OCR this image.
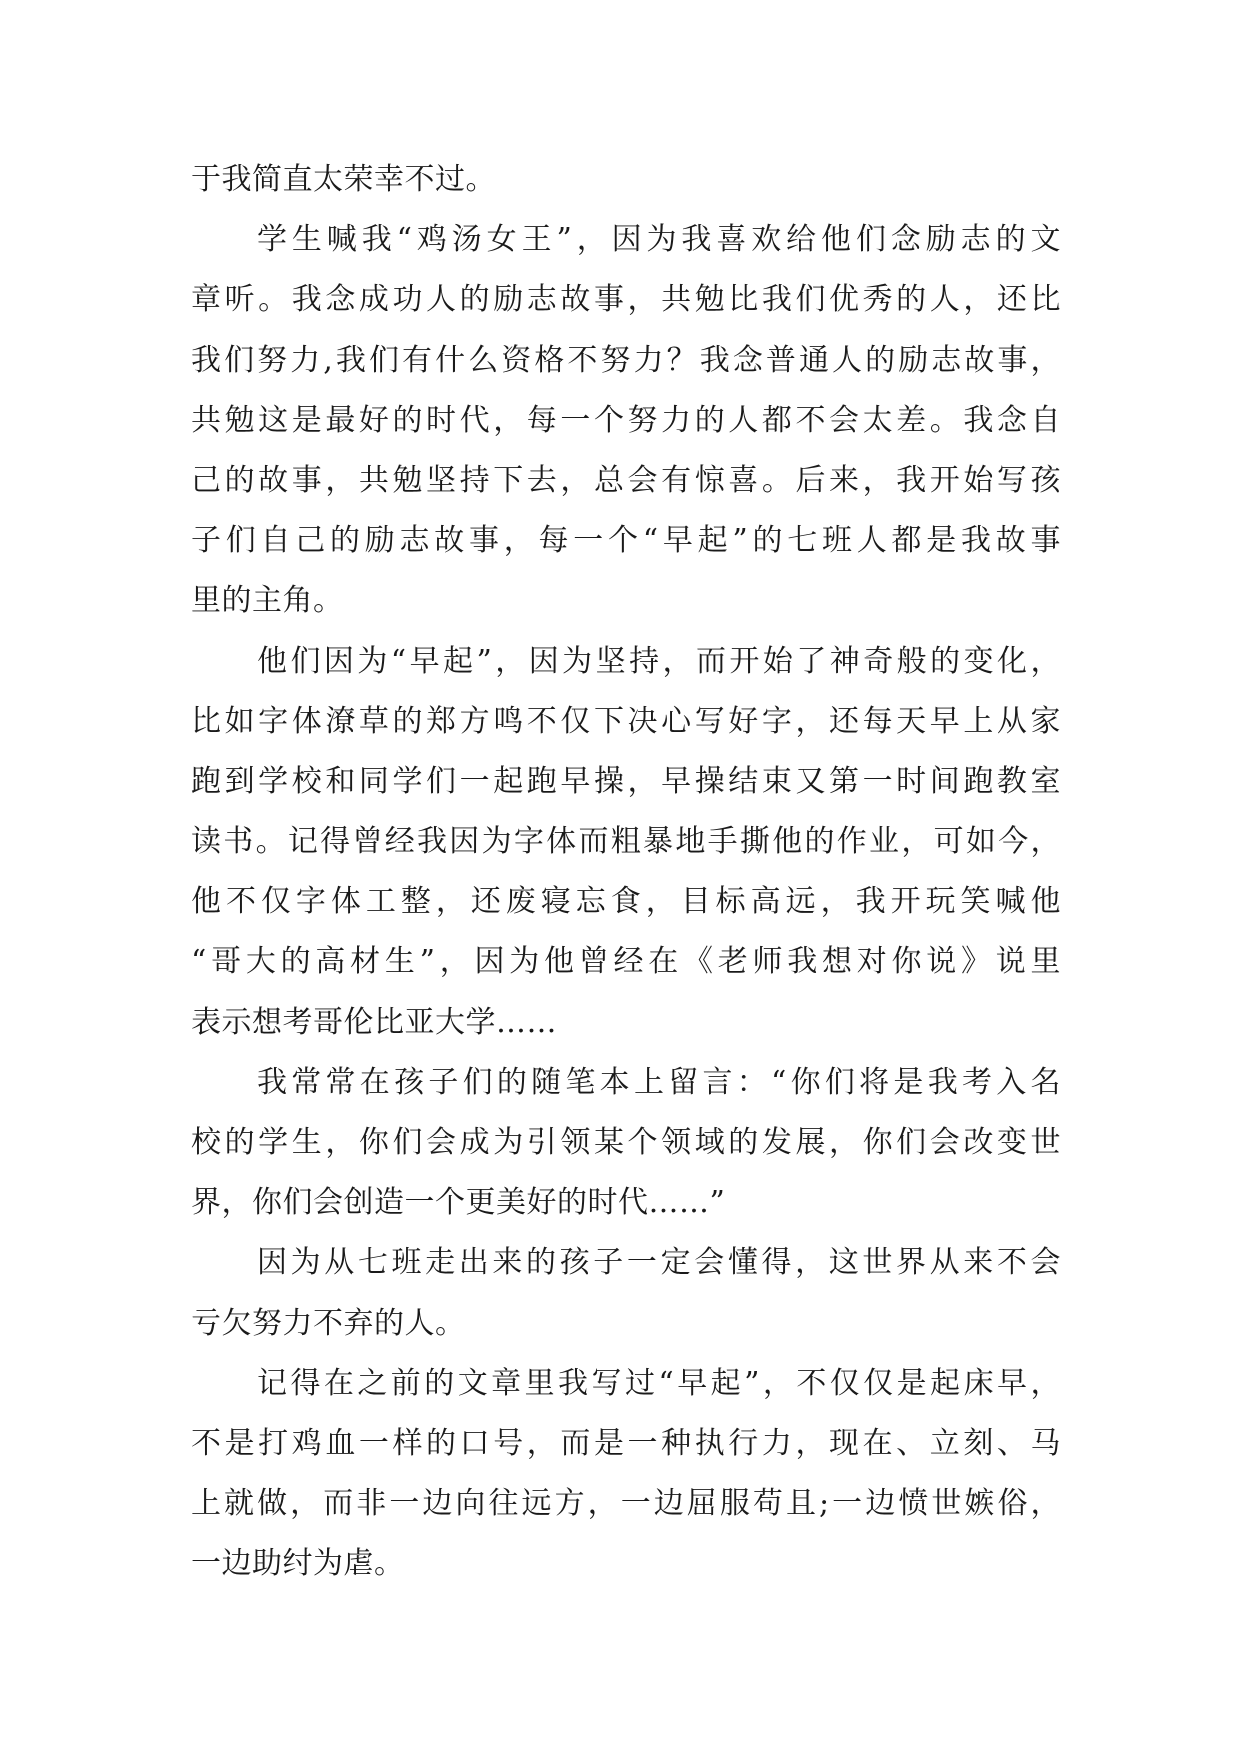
于我简直太荣幸不过。
学生喊我“鸡汤女王”，因为我喜欢给他们念励志的文
章听。我念成功人的励志故事，共勉比我们优秀的人，还比
我们努力,我们有什么资格不努力？我念普通人的励志故事，
共勉这是最好的时代，每一个努力的人都不会太差。我念自
己的故事，共勉坚持下去，总会有惊喜。后来，我开始写孩
子们自己的励志故事，每一个“早起”的七班人都是我故事
里的主角。
他们因为“早起”，因为坚持，而开始了神奇般的变化，
比如字体潦草的郑方鸣不仅下决心写好字，还每天早上从家
跑到学校和同学们一起跑早操，早操结束又第一时间跑教室
读书。记得曾经我因为字体而粗暴地手撕他的作业，可如今，
他不仅字体工整，还废寝忘食，目标高远，我开玩笑喊他
“哥大的高材生”，因为他曾经在《老师我想对你说》说里
表示想考哥伦比亚大学……
我常常在孩子们的随笔本上留言：“你们将是我考入名
校的学生，你们会成为引领某个领域的发展，你们会改变世
界，你们会创造一个更美好的时代……”
因为从七班走出来的孩子一定会懂得，这世界从来不会
亏欠努力不弃的人。
记得在之前的文章里我写过“早起”，不仅仅是起床早，
不是打鸡血一样的口号，而是一种执行力，现在、立刻、马
上就做，而非一边向往远方，一边屈服苟且;一边愤世嫉俗，
一边助纣为虐。
